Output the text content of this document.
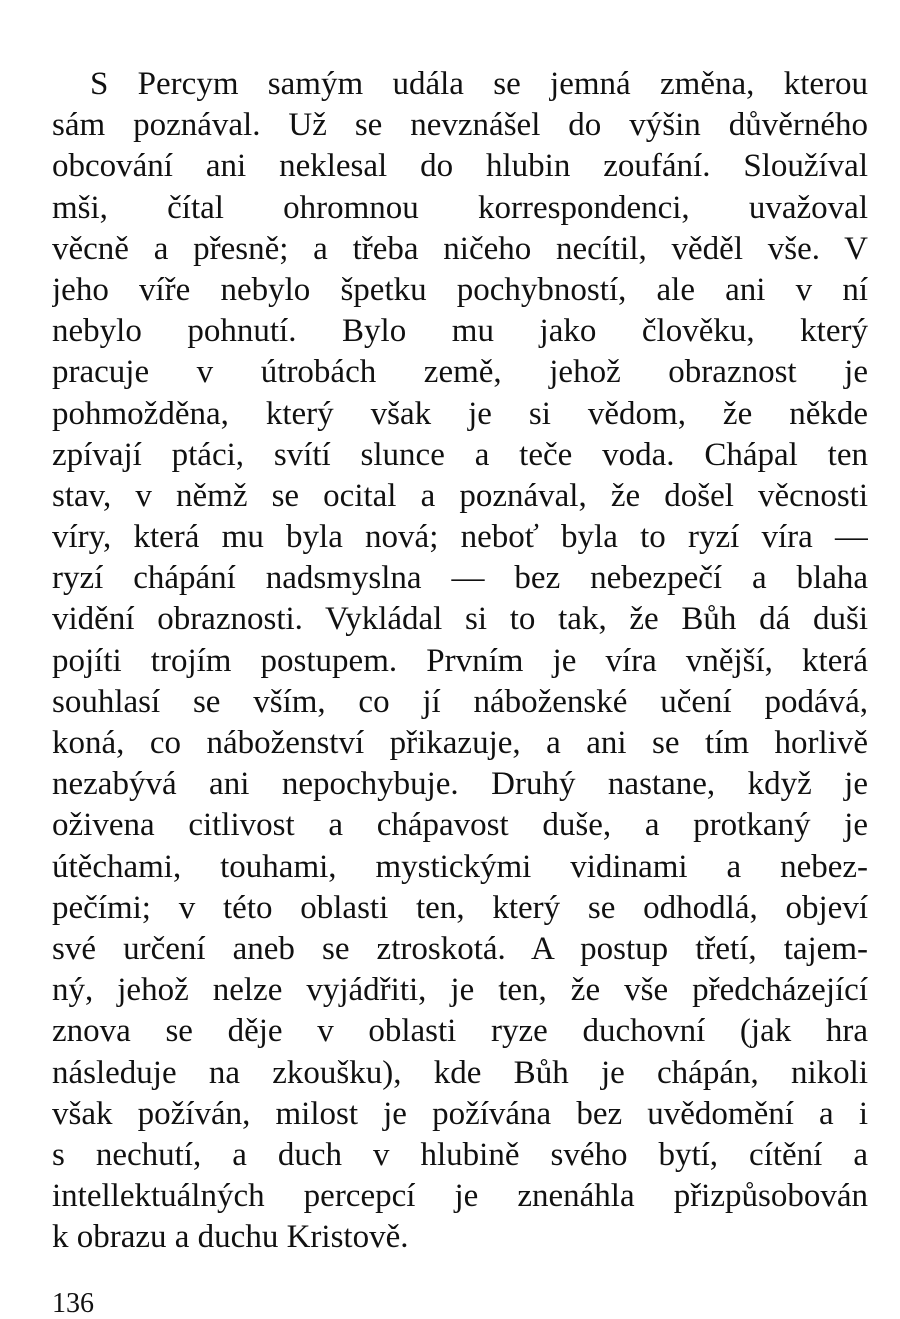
S Percym samým udála se jemná změna, kterou
sám poznával. Už se nevznášel do výšin důvěrného
obcování ani neklesal do hlubin zoufání. Sloužíval
mši, čítal ohromnou korrespondenci, uvažoval
věcně a přesně; a třeba ničeho necítil, věděl vše. V
jeho víře nebylo špetku pochybností, ale ani v ní
nebylo pohnutí. Bylo mu jako člověku, který
pracuje v útrobách země, jehož obraznost je
pohmožděna, který však je si vědom, že někde
zpívají ptáci, svítí slunce a teče voda. Chápal ten
stav, v němž se ocital a poznával, že došel věcnosti
víry, která mu byla nová; neboť byla to ryzí víra —
ryzí chápání nadsmyslna — bez nebezpečí a blaha
vidění obraznosti. Vykládal si to tak, že Bůh dá duši
pojíti trojím postupem. Prvním je víra vnější, která
souhlasí se vším, co jí náboženské učení podává,
koná, co náboženství přikazuje, a ani se tím horlivě
nezabývá ani nepochybuje. Druhý nastane, když je
oživena citlivost a chápavost duše, a protkaný je
útěchami, touhami, mystickými vidinami a nebez-
pečími; v této oblasti ten, který se odhodlá, objeví
své určení aneb se ztroskotá. A postup třetí, tajem-
ný, jehož nelze vyjádřiti, je ten, že vše předcházející
znova se děje v oblasti ryze duchovní (jak hra
následuje na zkoušku), kde Bůh je chápán, nikoli
však požíván, milost je požívána bez uvědomění a i
s nechutí, a duch v hlubině svého bytí, cítění a
intellektuálných percepcí je znenáhla přizpůsobován
k obrazu a duchu Kristově.
136
